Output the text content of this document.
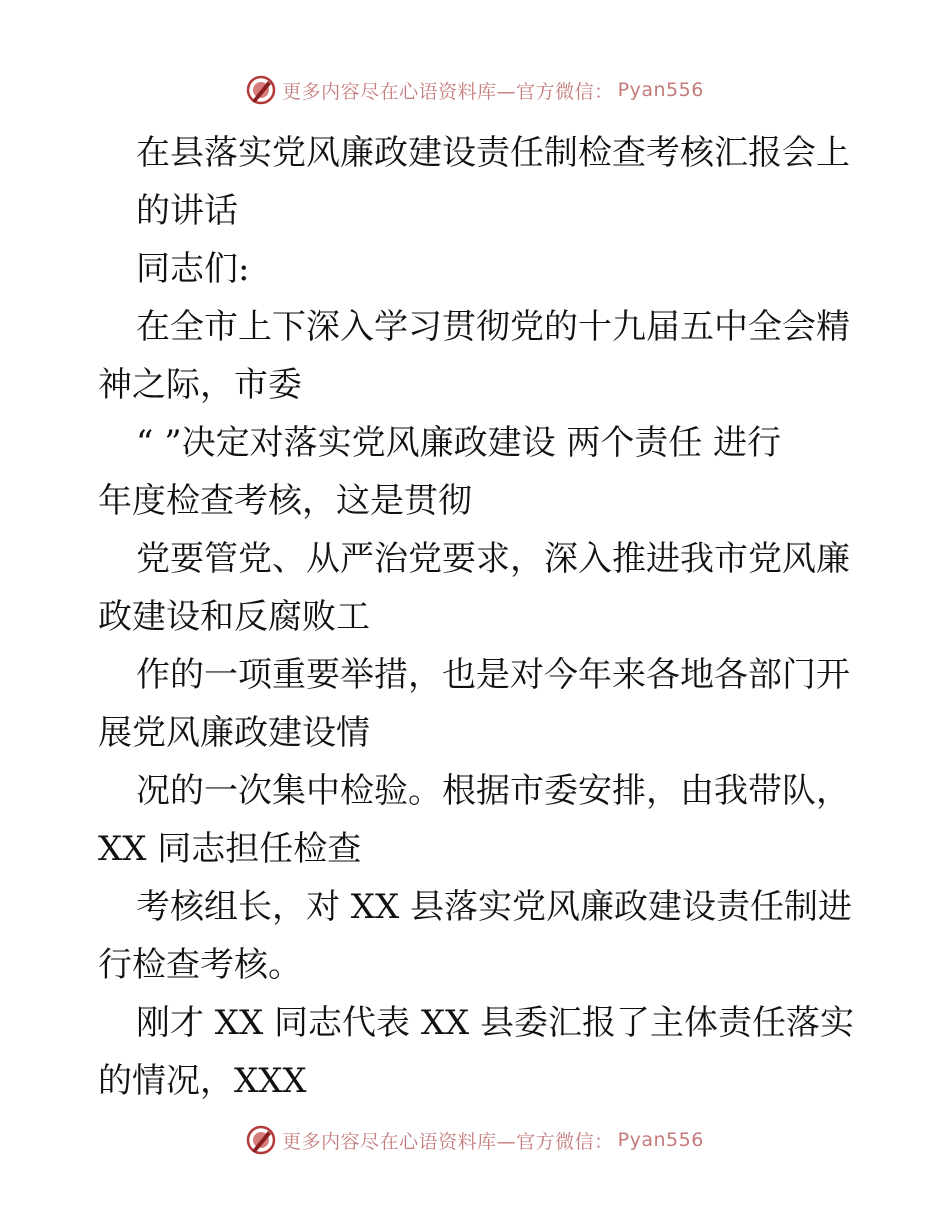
更多内容尽在心语资料库—官方微信： Pyan556
在县落实党风廉政建设责任制检查考核汇报会上
的讲话
同志们:
在全市上下深入学习贯彻党的十九届五中全会精
神之际，市委
“ ”决定对落实党风廉政建设 两个责任 进行
年度检查考核，这是贯彻
党要管党、从严治党要求，深入推进我市党风廉
政建设和反腐败工
作的一项重要举措，也是对今年来各地各部门开
展党风廉政建设情
况的一次集中检验。根据市委安排，由我带队，
XX 同志担任检查
考核组长，对 XX 县落实党风廉政建设责任制进
行检查考核。
刚才 XX 同志代表 XX 县委汇报了主体责任落实
的情况，XXX
更多内容尽在心语资料库—官方微信： Pyan556
